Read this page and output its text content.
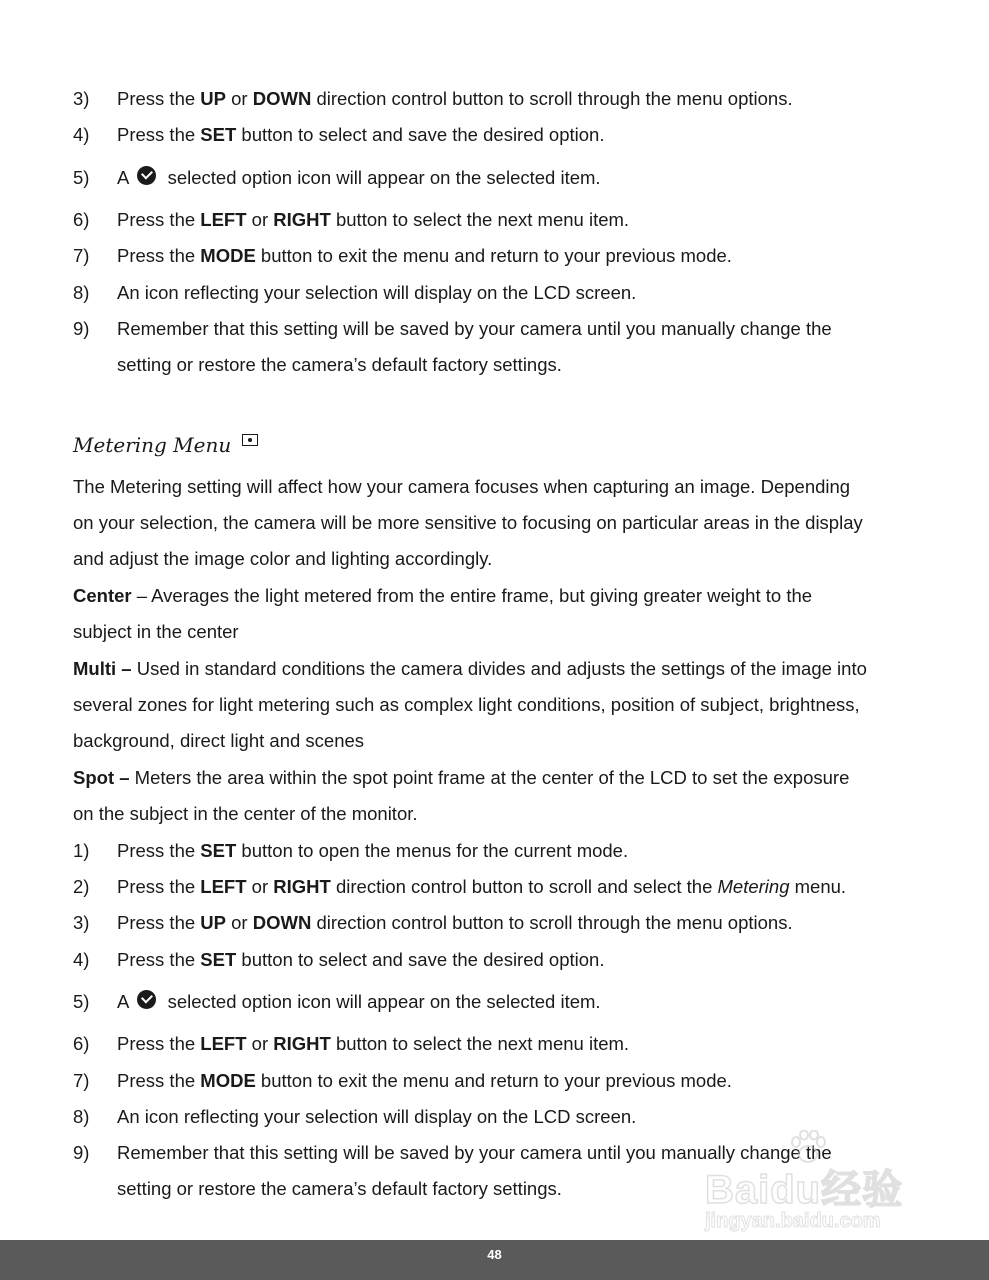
3) Press the UP or DOWN direction control button to scroll through the menu options.
4) Press the SET button to select and save the desired option.
5) A  selected option icon will appear on the selected item.
6) Press the LEFT or RIGHT button to select the next menu item.
7) Press the MODE button to exit the menu and return to your previous mode.
8) An icon reflecting your selection will display on the LCD screen.
9) Remember that this setting will be saved by your camera until you manually change the
setting or restore the camera’s default factory settings.
Metering Menu
The Metering setting will affect how your camera focuses when capturing an image. Depending
on your selection, the camera will be more sensitive to focusing on particular areas in the display
and adjust the image color and lighting accordingly.
Center – Averages the light metered from the entire frame, but giving greater weight to the
subject in the center
Multi – Used in standard conditions the camera divides and adjusts the settings of the image into
several zones for light metering such as complex light conditions, position of subject, brightness,
background, direct light and scenes
Spot – Meters the area within the spot point frame at the center of the LCD to set the exposure
on the subject in the center of the monitor.
1) Press the SET button to open the menus for the current mode.
2) Press the LEFT or RIGHT direction control button to scroll and select the Metering menu.
3) Press the UP or DOWN direction control button to scroll through the menu options.
4) Press the SET button to select and save the desired option.
5) A  selected option icon will appear on the selected item.
6) Press the LEFT or RIGHT button to select the next menu item.
7) Press the MODE button to exit the menu and return to your previous mode.
8) An icon reflecting your selection will display on the LCD screen.
9) Remember that this setting will be saved by your camera until you manually change the
setting or restore the camera’s default factory settings.	Baidu经验
jingyan.baidu.com
48
